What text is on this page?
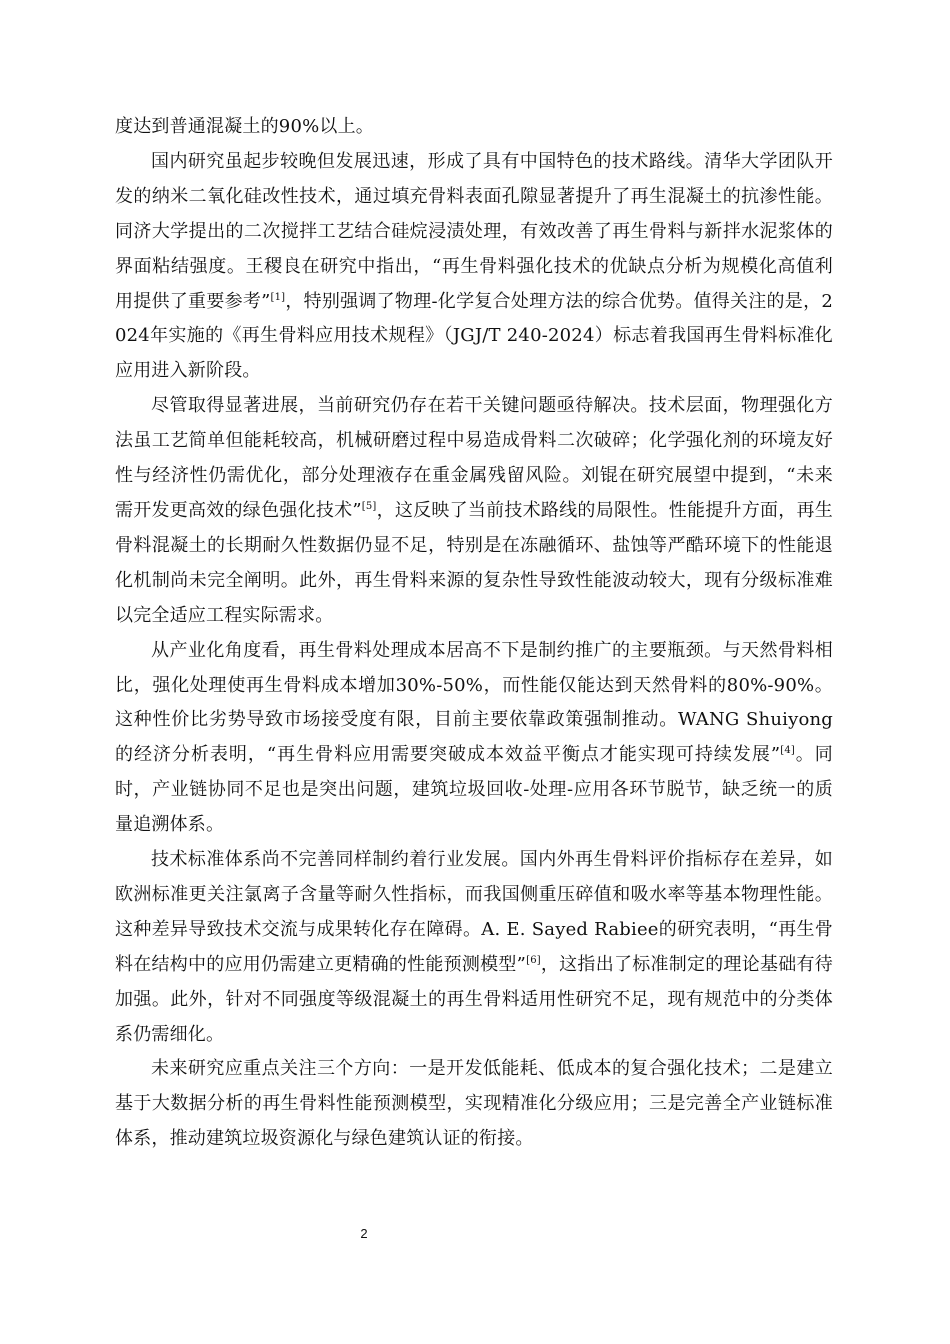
度达到普通混凝土的90%以上。

国内研究虽起步较晚但发展迅速，形成了具有中国特色的技术路线。清华大学团队开发的纳米二氧化硅改性技术，通过填充骨料表面孔隙显著提升了再生混凝土的抗渗性能。同济大学提出的二次搅拌工艺结合硅烷浸渍处理，有效改善了再生骨料与新拌水泥浆体的界面粘结强度。王稷良在研究中指出，“再生骨料强化技术的优缺点分析为规模化高值利用提供了重要参考”[1]，特别强调了物理-化学复合处理方法的综合优势。值得关注的是，2024年实施的《再生骨料应用技术规程》（JGJ/T 240-2024）标志着我国再生骨料标准化应用进入新阶段。

尽管取得显著进展，当前研究仍存在若干关键问题亟待解决。技术层面，物理强化方法虽工艺简单但能耗较高，机械研磨过程中易造成骨料二次破碎；化学强化剂的环境友好性与经济性仍需优化，部分处理液存在重金属残留风险。刘锟在研究展望中提到，“未来需开发更高效的绿色强化技术”[5]，这反映了当前技术路线的局限性。性能提升方面，再生骨料混凝土的长期耐久性数据仍显不足，特别是在冻融循环、盐蚀等严酷环境下的性能退化机制尚未完全阐明。此外，再生骨料来源的复杂性导致性能波动较大，现有分级标准难以完全适应工程实际需求。

从产业化角度看，再生骨料处理成本居高不下是制约推广的主要瓶颈。与天然骨料相比，强化处理使再生骨料成本增加30%-50%，而性能仅能达到天然骨料的80%-90%。这种性价比劣势导致市场接受度有限，目前主要依靠政策强制推动。WANG Shuiyong的经济分析表明，“再生骨料应用需要突破成本效益平衡点才能实现可持续发展”[4]。同时，产业链协同不足也是突出问题，建筑垃圾回收-处理-应用各环节脱节，缺乏统一的质量追溯体系。

技术标准体系尚不完善同样制约着行业发展。国内外再生骨料评价指标存在差异，如欧洲标准更关注氯离子含量等耐久性指标，而我国侧重压碎值和吸水率等基本物理性能。这种差异导致技术交流与成果转化存在障碍。A. E. Sayed Rabiee的研究表明，“再生骨料在结构中的应用仍需建立更精确的性能预测模型”[6]，这指出了标准制定的理论基础有待加强。此外，针对不同强度等级混凝土的再生骨料适用性研究不足，现有规范中的分类体系仍需细化。

未来研究应重点关注三个方向：一是开发低能耗、低成本的复合强化技术；二是建立基于大数据分析的再生骨料性能预测模型，实现精准化分级应用；三是完善全产业链标准体系，推动建筑垃圾资源化与绿色建筑认证的衔接。

2
